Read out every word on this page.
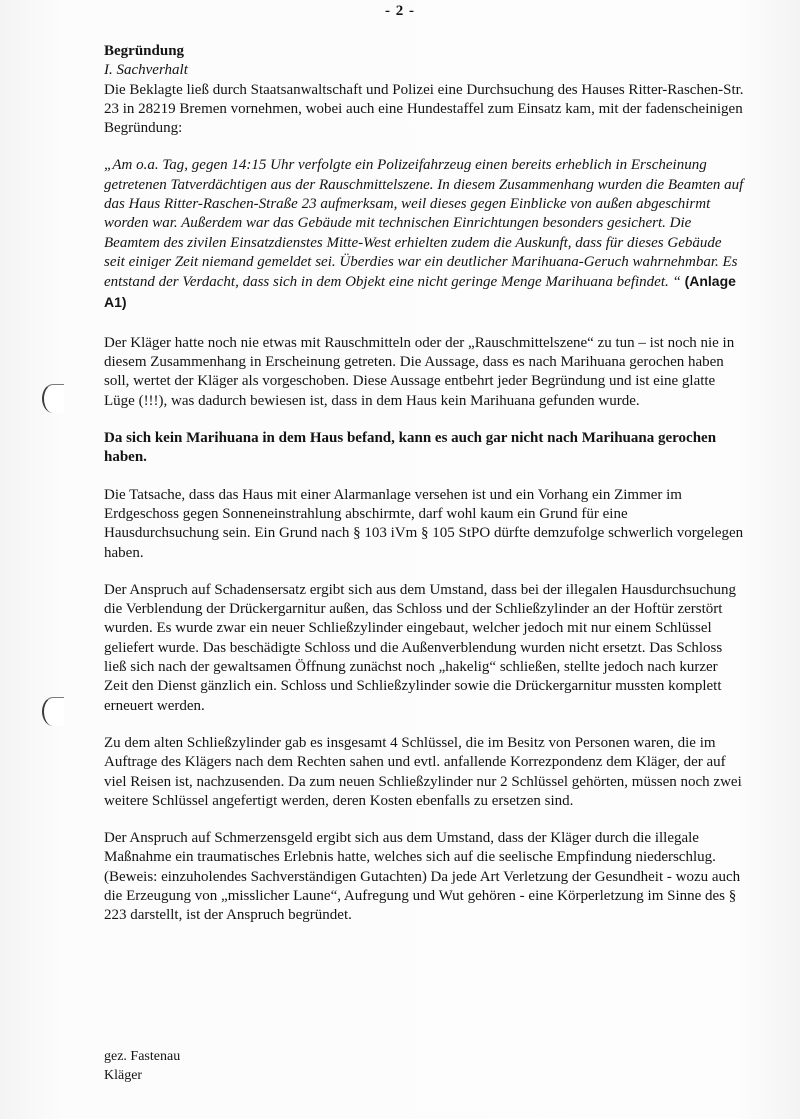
- 2 -
Begründung
I. Sachverhalt

Die Beklagte ließ durch Staatsanwaltschaft und Polizei eine Durchsuchung des Hauses Ritter-Raschen-Str. 23 in 28219 Bremen vornehmen, wobei auch eine Hundestaffel zum Einsatz kam, mit der fadenscheinigen Begründung:

„Am o.a. Tag, gegen 14:15 Uhr verfolgte ein Polizeifahrzeug einen bereits erheblich in Erscheinung getretenen Tatverdächtigen aus der Rauschmittelszene. In diesem Zusammenhang wurden die Beamten auf das Haus Ritter-Raschen-Straße 23 aufmerksam, weil dieses gegen Einblicke von außen abgeschirmt worden war. Außerdem war das Gebäude mit technischen Einrichtungen besonders gesichert. Die Beamtem des zivilen Einsatzdienstes Mitte-West erhielten zudem die Auskunft, dass für dieses Gebäude seit einiger Zeit niemand gemeldet sei. Überdies war ein deutlicher Marihuana-Geruch wahrnehmbar. Es entstand der Verdacht, dass sich in dem Objekt eine nicht geringe Menge Marihuana befindet. “ (Anlage A1)

Der Kläger hatte noch nie etwas mit Rauschmitteln oder der „Rauschmittelszene“ zu tun – ist noch nie in diesem Zusammenhang in Erscheinung getreten. Die Aussage, dass es nach Marihuana gerochen haben soll, wertet der Kläger als vorgeschoben. Diese Aussage entbehrt jeder Begründung und ist eine glatte Lüge (!!!), was dadurch bewiesen ist, dass in dem Haus kein Marihuana gefunden wurde.

Da sich kein Marihuana in dem Haus befand, kann es auch gar nicht nach Marihuana gerochen haben.

Die Tatsache, dass das Haus mit einer Alarmanlage versehen ist und ein Vorhang ein Zimmer im Erdgeschoss gegen Sonneneinstrahlung abschirmte, darf wohl kaum ein Grund für eine Hausdurchsuchung sein. Ein Grund nach § 103 iVm § 105 StPO dürfte demzufolge schwerlich vorgelegen haben.

Der Anspruch auf Schadensersatz ergibt sich aus dem Umstand, dass bei der illegalen Hausdurchsuchung die Verblendung der Drückergarnitur außen, das Schloss und der Schließzylinder an der Hoftür zerstört wurden. Es wurde zwar ein neuer Schließzylinder eingebaut, welcher jedoch mit nur einem Schlüssel geliefert wurde. Das beschädigte Schloss und die Außenverblendung wurden nicht ersetzt. Das Schloss ließ sich nach der gewaltsamen Öffnung zunächst noch „hakelig“ schließen, stellte jedoch nach kurzer Zeit den Dienst gänzlich ein. Schloss und Schließzylinder sowie die Drückergarnitur mussten komplett erneuert werden.

Zu dem alten Schließzylinder gab es insgesamt 4 Schlüssel, die im Besitz von Personen waren, die im Auftrage des Klägers nach dem Rechten sahen und evtl. anfallende Korrezpondenz dem Kläger, der auf viel Reisen ist, nachzusenden. Da zum neuen Schließzylinder nur 2 Schlüssel gehörten, müssen noch zwei weitere Schlüssel angefertigt werden, deren Kosten ebenfalls zu ersetzen sind.

Der Anspruch auf Schmerzensgeld ergibt sich aus dem Umstand, dass der Kläger durch die illegale Maßnahme ein traumatisches Erlebnis hatte, welches sich auf die seelische Empfindung niederschlug. (Beweis: einzuholendes Sachverständigen Gutachten) Da jede Art Verletzung der Gesundheit - wozu auch die Erzeugung von „misslicher Laune“, Aufregung und Wut gehören - eine Körperletzung im Sinne des § 223 darstellt, ist der Anspruch begründet.

gez. Fastenau
Kläger
